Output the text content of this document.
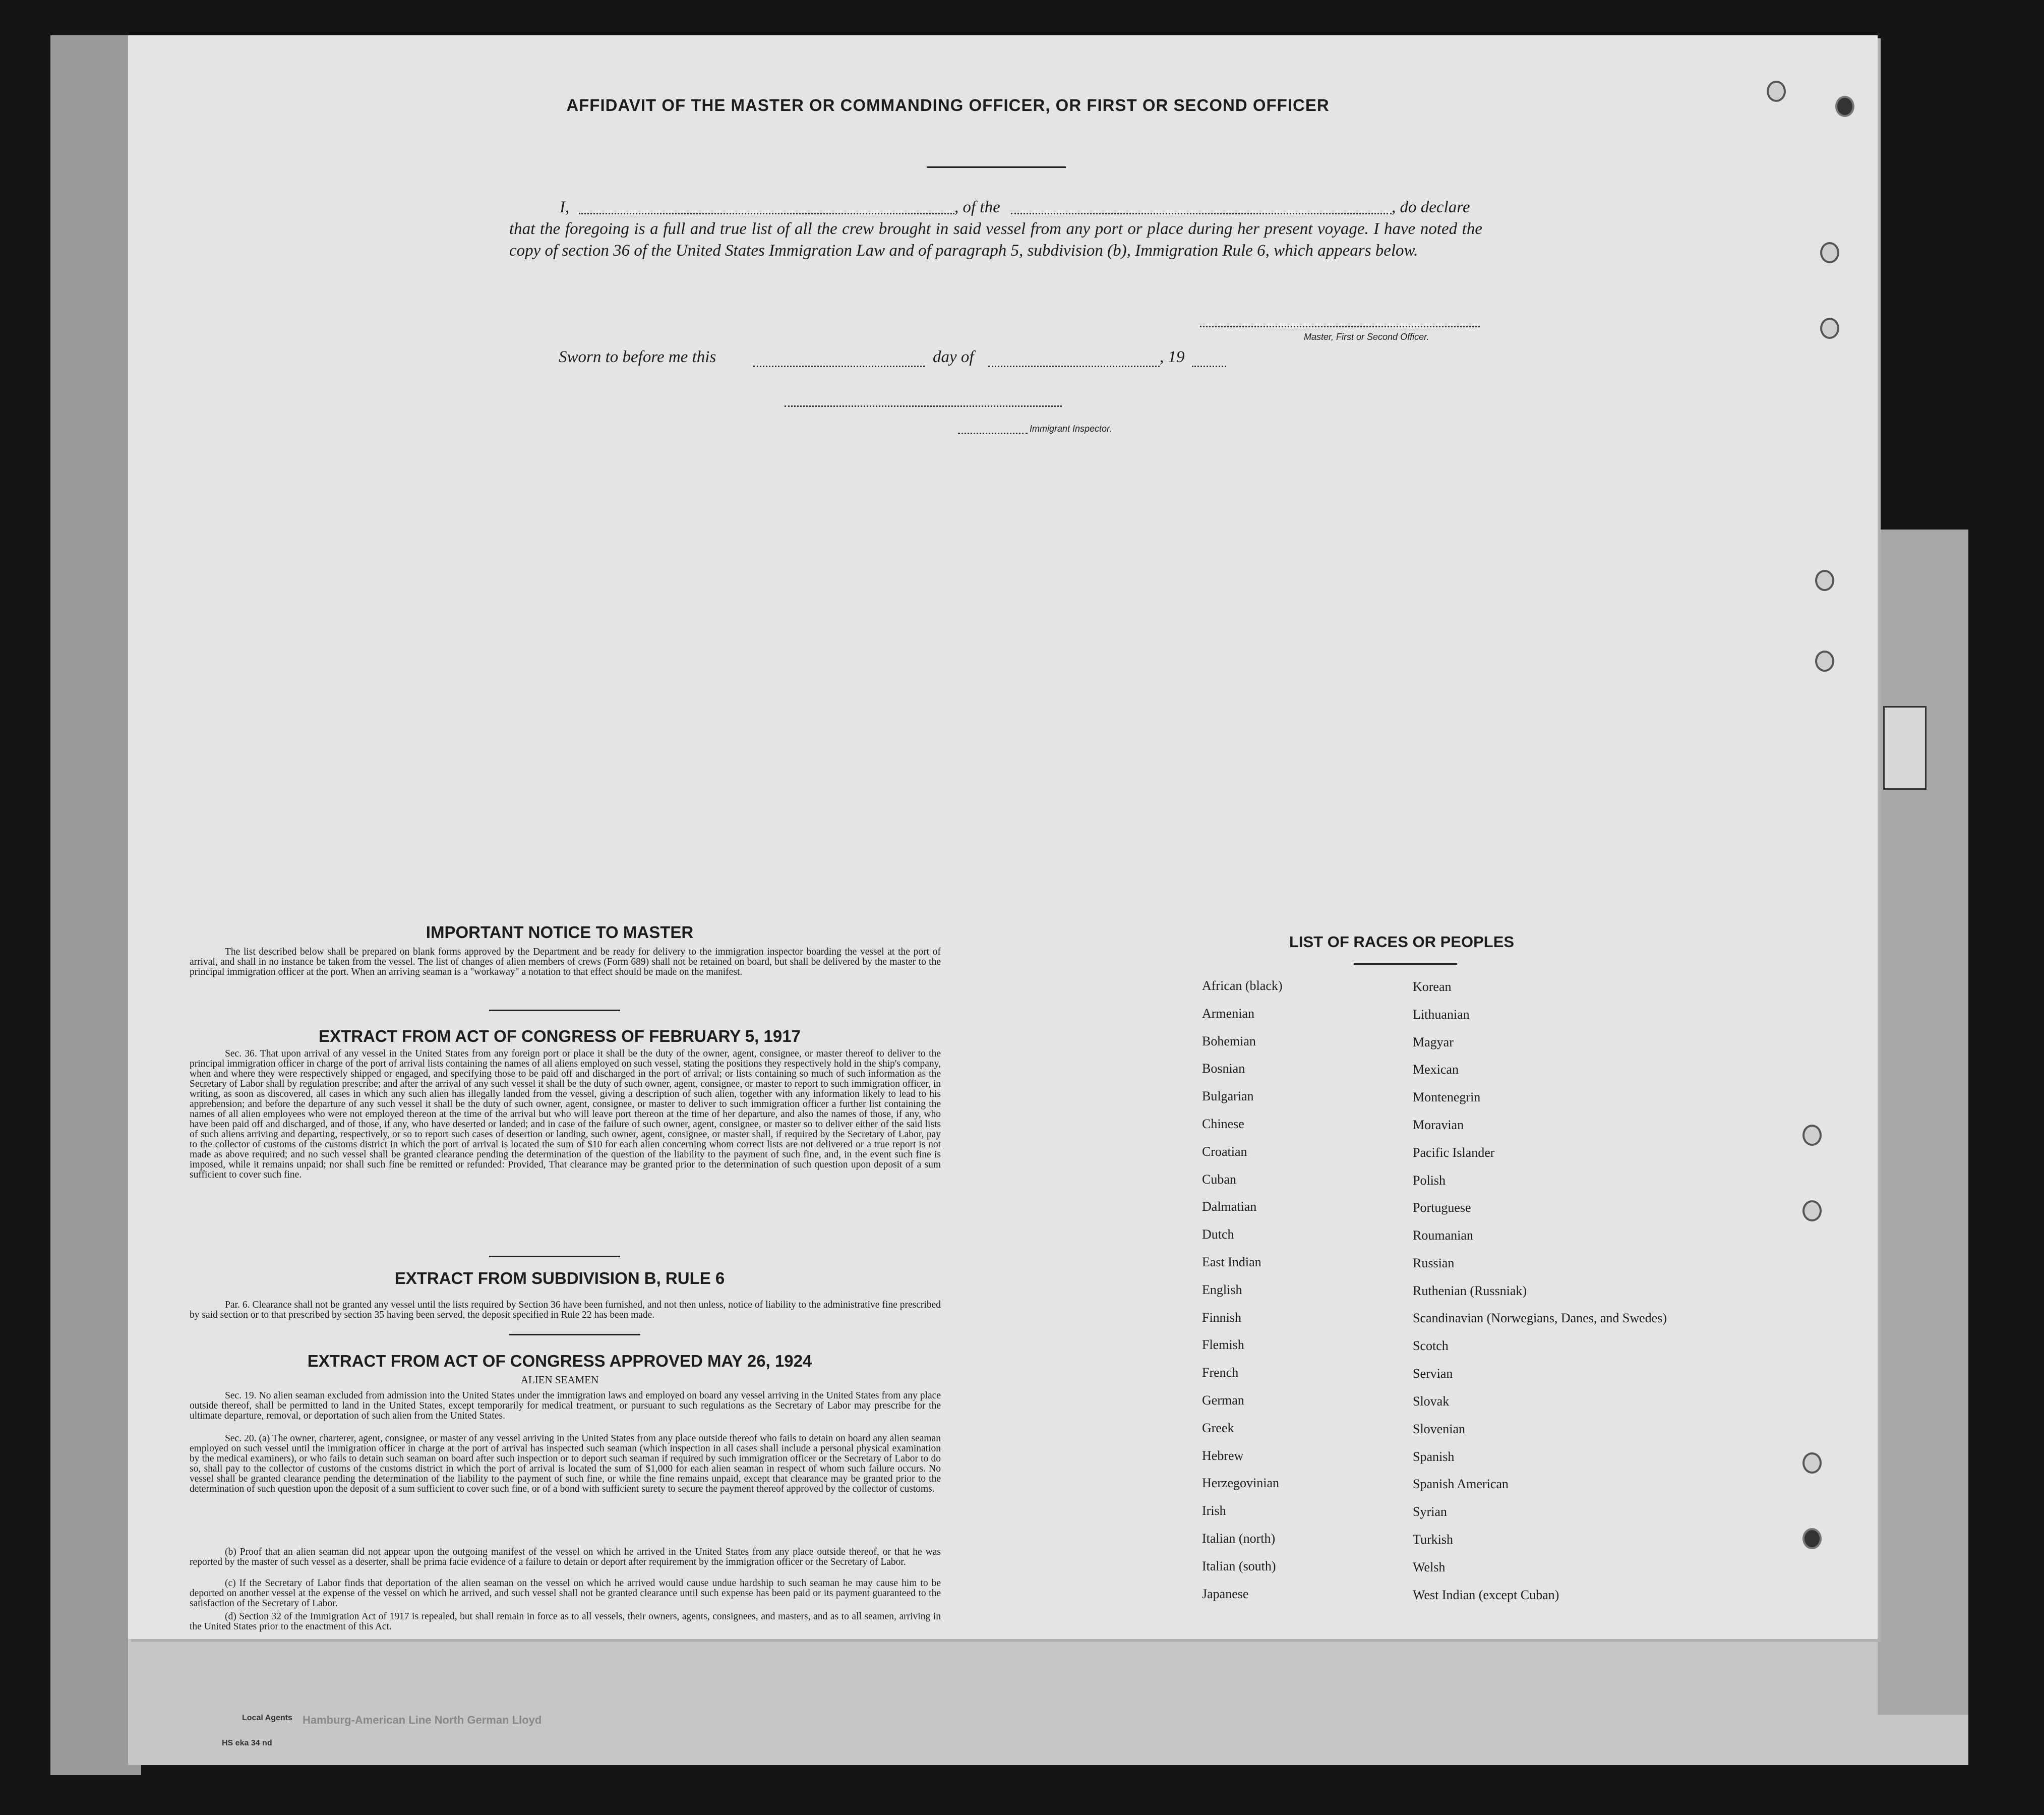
AFFIDAVIT OF THE MASTER OR COMMANDING OFFICER, OR FIRST OR SECOND OFFICER

I,	, of the	, do declare

that the foregoing is a full and true list of all the crew brought in said vessel from any port or place during her present voyage. I have noted the copy of section 36 of the United States Immigration Law and of paragraph 5, subdivision (b), Immigration Rule 6, which appears below.

Master, First or Second Officer.
Sworn to before me this	day of	, 19
Immigrant Inspector.
IMPORTANT NOTICE TO MASTER

The list described below shall be prepared on blank forms approved by the Department and be ready for delivery to the immigration inspector boarding the vessel at the port of arrival, and shall in no instance be taken from the vessel. The list of changes of alien members of crews (Form 689) shall not be retained on board, but shall be delivered by the master to the principal immigration officer at the port. When an arriving seaman is a "workaway" a notation to that effect should be made on the manifest.

EXTRACT FROM ACT OF CONGRESS OF FEBRUARY 5, 1917

Sec. 36. That upon arrival of any vessel in the United States from any foreign port or place it shall be the duty of the owner, agent, consignee, or master thereof to deliver to the principal immigration officer in charge of the port of arrival lists containing the names of all aliens employed on such vessel, stating the positions they respectively hold in the ship's company, when and where they were respectively shipped or engaged, and specifying those to be paid off and discharged in the port of arrival; or lists containing so much of such information as the Secretary of Labor shall by regulation prescribe; and after the arrival of any such vessel it shall be the duty of such owner, agent, consignee, or master to report to such immigration officer, in writing, as soon as discovered, all cases in which any such alien has illegally landed from the vessel, giving a description of such alien, together with any information likely to lead to his apprehension; and before the departure of any such vessel it shall be the duty of such owner, agent, consignee, or master to deliver to such immigration officer a further list containing the names of all alien employees who were not employed thereon at the time of the arrival but who will leave port thereon at the time of her departure, and also the names of those, if any, who have been paid off and discharged, and of those, if any, who have deserted or landed; and in case of the failure of such owner, agent, consignee, or master so to deliver either of the said lists of such aliens arriving and departing, respectively, or so to report such cases of desertion or landing, such owner, agent, consignee, or master shall, if required by the Secretary of Labor, pay to the collector of customs of the customs district in which the port of arrival is located the sum of $10 for each alien concerning whom correct lists are not delivered or a true report is not made as above required; and no such vessel shall be granted clearance pending the determination of the question of the liability to the payment of such fine, and, in the event such fine is imposed, while it remains unpaid; nor shall such fine be remitted or refunded: Provided, That clearance may be granted prior to the determination of such question upon deposit of a sum sufficient to cover such fine.

EXTRACT FROM SUBDIVISION B, RULE 6

Par. 6. Clearance shall not be granted any vessel until the lists required by Section 36 have been furnished, and not then unless, notice of liability to the administrative fine prescribed by said section or to that prescribed by section 35 having been served, the deposit specified in Rule 22 has been made.

EXTRACT FROM ACT OF CONGRESS APPROVED MAY 26, 1924
ALIEN SEAMEN

Sec. 19. No alien seaman excluded from admission into the United States under the immigration laws and employed on board any vessel arriving in the United States from any place outside thereof, shall be permitted to land in the United States, except temporarily for medical treatment, or pursuant to such regulations as the Secretary of Labor may prescribe for the ultimate departure, removal, or deportation of such alien from the United States.

Sec. 20. (a) The owner, charterer, agent, consignee, or master of any vessel arriving in the United States from any place outside thereof who fails to detain on board any alien seaman employed on such vessel until the immigration officer in charge at the port of arrival has inspected such seaman (which inspection in all cases shall include a personal physical examination by the medical examiners), or who fails to detain such seaman on board after such inspection or to deport such seaman if required by such immigration officer or the Secretary of Labor to do so, shall pay to the collector of customs of the customs district in which the port of arrival is located the sum of $1,000 for each alien seaman in respect of whom such failure occurs. No vessel shall be granted clearance pending the determination of the liability to the payment of such fine, or while the fine remains unpaid, except that clearance may be granted prior to the determination of such question upon the deposit of a sum sufficient to cover such fine, or of a bond with sufficient surety to secure the payment thereof approved by the collector of customs.

(b) Proof that an alien seaman did not appear upon the outgoing manifest of the vessel on which he arrived in the United States from any place outside thereof, or that he was reported by the master of such vessel as a deserter, shall be prima facie evidence of a failure to detain or deport after requirement by the immigration officer or the Secretary of Labor.

(c) If the Secretary of Labor finds that deportation of the alien seaman on the vessel on which he arrived would cause undue hardship to such seaman he may cause him to be deported on another vessel at the expense of the vessel on which he arrived, and such vessel shall not be granted clearance until such expense has been paid or its payment guaranteed to the satisfaction of the Secretary of Labor.

(d) Section 32 of the Immigration Act of 1917 is repealed, but shall remain in force as to all vessels, their owners, agents, consignees, and masters, and as to all seamen, arriving in the United States prior to the enactment of this Act.

LIST OF RACES OR PEOPLES
African (black)
Armenian
Bohemian
Bosnian
Bulgarian
Chinese
Croatian
Cuban
Dalmatian
Dutch
East Indian
English
Finnish
Flemish
French
German
Greek
Hebrew
Herzegovinian
Irish
Italian (north)
Italian (south)
Japanese
Korean
Lithuanian
Magyar
Mexican
Montenegrin
Moravian
Pacific Islander
Polish
Portuguese
Roumanian
Russian
Ruthenian (Russniak)
Scandinavian (Norwegians, Danes, and Swedes)
Scotch
Servian
Slovak
Slovenian
Spanish
Spanish American
Syrian
Turkish
Welsh
West Indian (except Cuban)
Local Agents Hamburg-American Line North German Lloyd
HS eka 34 nd
